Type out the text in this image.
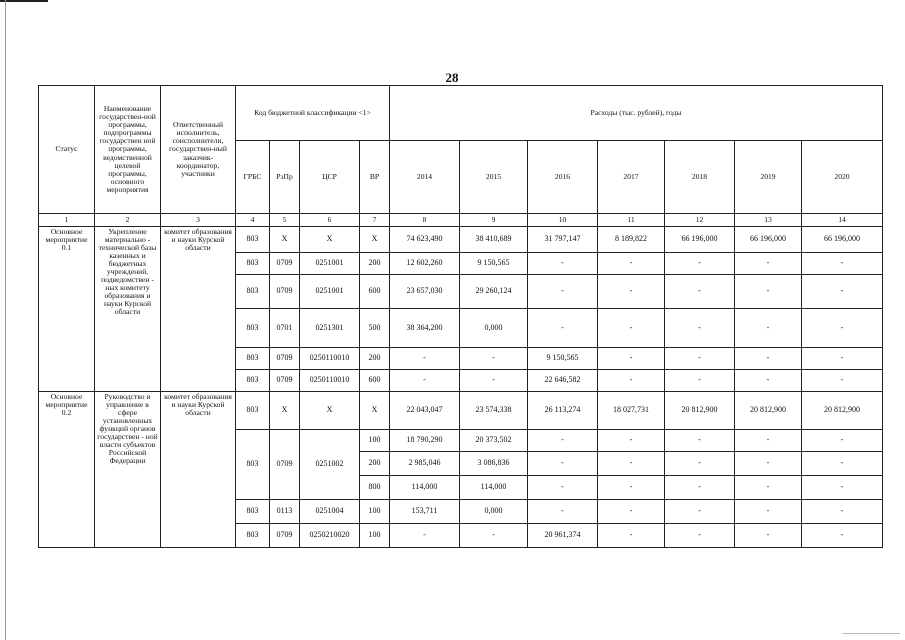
28
Статус	Наименование государствен-ной программы, подпрограммы государствен ной программы, ведомственной целевой программы, основного мероприятия	Ответственный исполнитель, соисполнители, государствен-ный заказчик-координатор, участники	Код бюджетной классификации <1>				Расходы (тыс. рублей), годы						
			ГРБС	РзПр	ЦСР	ВР	2014	2015	2016	2017	2018	2019	2020
1	2	3	4	5	6	7	8	9	10	11	12	13	14
Основное мероприятие 0.1	Укрепление материально - технической базы казенных и бюджетных учреждений, подведомствен - ных комитету образования и науки Курской области	комитет образования и науки Курской области	803	Х	Х	Х	74 623,490	38 410,689	31 797,147	8 189,822	66 196,000	66 196,000	66 196,000
			803	0709	0251001	200	12 602,260	9 150,565	-	-	-	-	-
			803	0709	0251001	600	23 657,030	29 260,124	-	-	-	-	-
			803	0701	0251301	500	38 364,200	0,000	-	-	-	-	-
			803	0709	0250110010	200	-	-	9 150,565	-	-	-	-
			803	0709	0250110010	600	-	-	22 646,582	-	-	-	-
Основное мероприятие 0.2	Руководство и управление в сфере установленных функций органов государствен - ной власти субъектов Российской Федерации	комитет образования и науки Курской области	803	Х	Х	Х	22 043,047	23 574,338	26 113,274	18 027,731	20 812,900	20 812,900	20 812,900
			803	0709	0251002	100	18 790,290	20 373,502	-	-	-	-	-
						200	2 985,046	3 086,836	-	-	-	-	-
						800	114,000	114,000	-	-	-	-	-
			803	0113	0251004	100	153,711	0,000	-	-	-	-	-
			803	0709	0250210020	100	-	-	20 961,374	-	-	-	-
